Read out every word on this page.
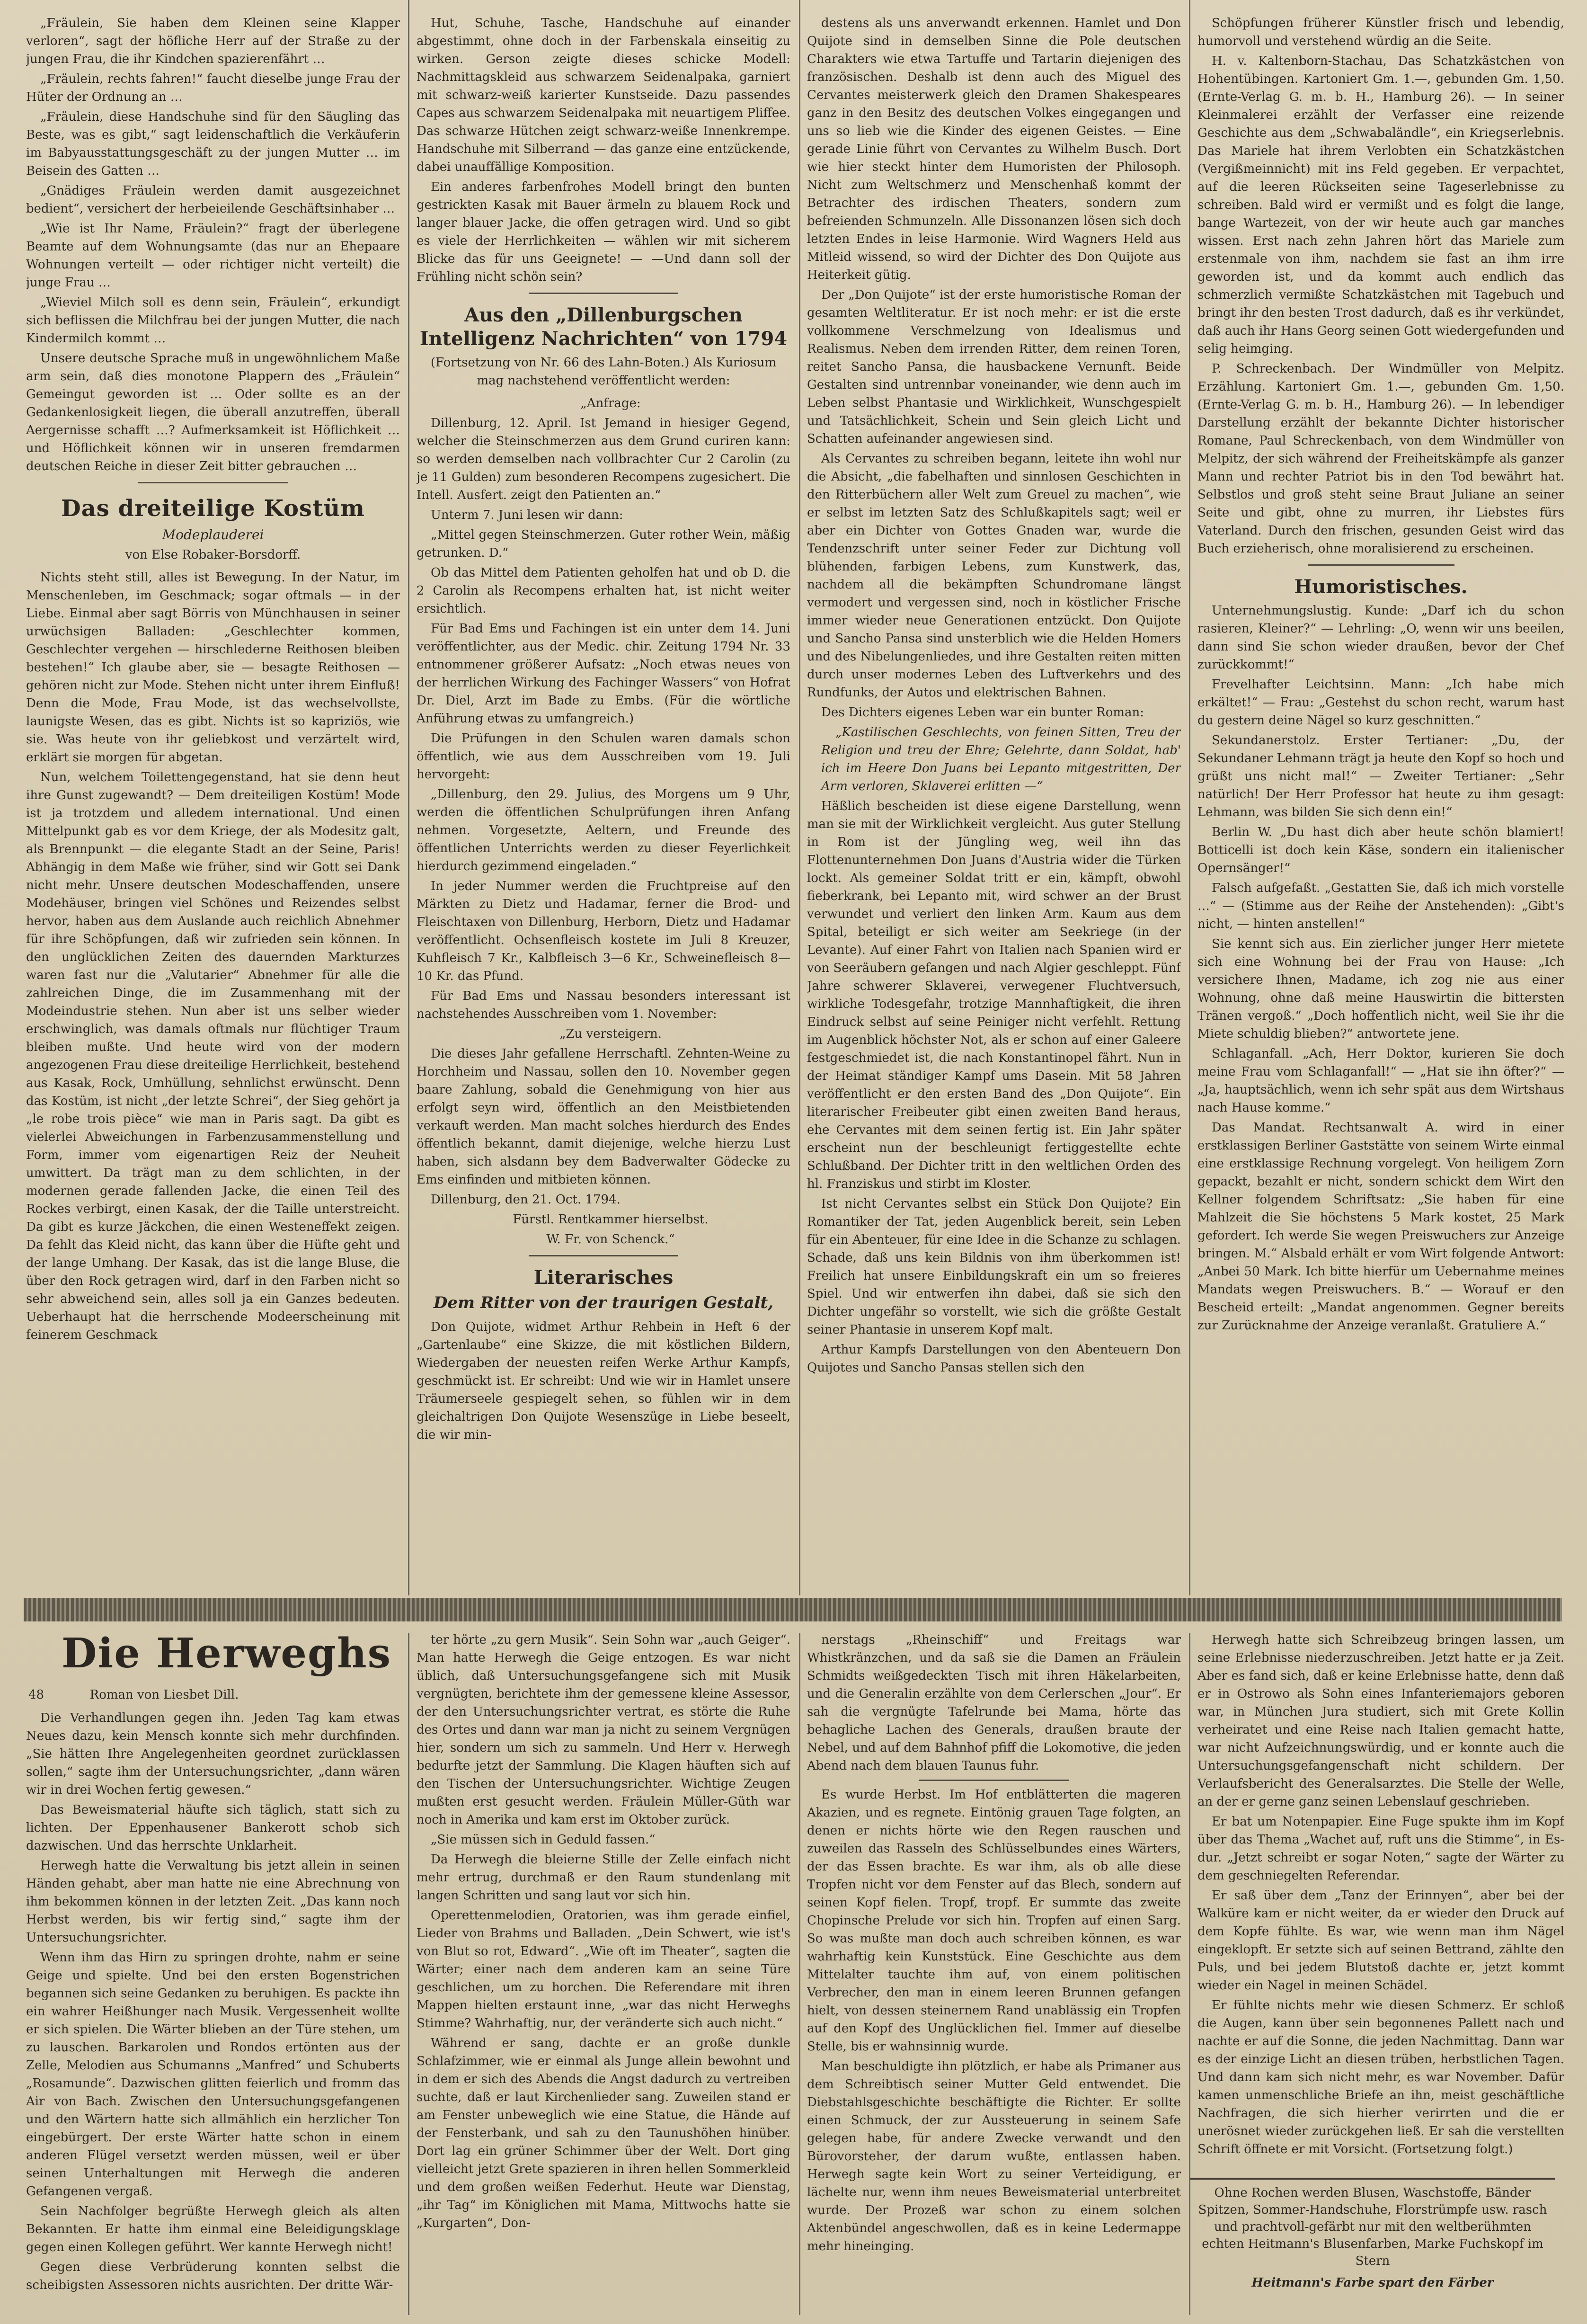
„Fräulein, Sie haben dem Kleinen seine Klapper verloren“, sagt der höfliche Herr auf der Straße zu der jungen Frau, die ihr Kindchen spazierenfährt …

„Fräulein, rechts fahren!“ faucht dieselbe junge Frau der Hüter der Ordnung an …

„Fräulein, diese Handschuhe sind für den Säugling das Beste, was es gibt,“ sagt leidenschaftlich die Verkäuferin im Babyausstattungsgeschäft zu der jungen Mutter … im Beisein des Gatten …

„Gnädiges Fräulein werden damit ausgezeichnet bedient“, versichert der herbeieilende Geschäftsinhaber …

„Wie ist Ihr Name, Fräulein?“ fragt der überlegene Beamte auf dem Wohnungsamte (das nur an Ehepaare Wohnungen verteilt — oder richtiger nicht verteilt) die junge Frau …

„Wieviel Milch soll es denn sein, Fräulein“, erkundigt sich beflissen die Milchfrau bei der jungen Mutter, die nach Kindermilch kommt …

Unsere deutsche Sprache muß in ungewöhnlichem Maße arm sein, daß dies monotone Plappern des „Fräulein“ Gemeingut geworden ist … Oder sollte es an der Gedankenlosigkeit liegen, die überall anzutreffen, überall Aergernisse schafft …? Aufmerksamkeit ist Höflichkeit … und Höflichkeit können wir in unseren fremdarmen deutschen Reiche in dieser Zeit bitter gebrauchen …

Das dreiteilige Kostüm
Modeplauderei
von Else Robaker-Borsdorff.

Nichts steht still, alles ist Bewegung. In der Natur, im Menschenleben, im Geschmack; sogar oftmals — in der Liebe. Einmal aber sagt Börris von Münchhausen in seiner urwüchsigen Balladen: „Geschlechter kommen, Geschlechter vergehen — hirschlederne Reithosen bleiben bestehen!“ Ich glaube aber, sie — besagte Reithosen — gehören nicht zur Mode. Stehen nicht unter ihrem Einfluß! Denn die Mode, Frau Mode, ist das wechselvollste, launigste Wesen, das es gibt. Nichts ist so kapriziös, wie sie. Was heute von ihr geliebkost und verzärtelt wird, erklärt sie morgen für abgetan.

Nun, welchem Toilettengegenstand, hat sie denn heut ihre Gunst zugewandt? — Dem dreiteiligen Kostüm! Mode ist ja trotzdem und alledem international. Und einen Mittelpunkt gab es vor dem Kriege, der als Modesitz galt, als Brennpunkt — die elegante Stadt an der Seine, Paris! Abhängig in dem Maße wie früher, sind wir Gott sei Dank nicht mehr. Unsere deutschen Modeschaffenden, unsere Modehäuser, bringen viel Schönes und Reizendes selbst hervor, haben aus dem Auslande auch reichlich Abnehmer für ihre Schöpfungen, daß wir zufrieden sein können. In den unglücklichen Zeiten des dauernden Markturzes waren fast nur die „Valutarier“ Abnehmer für alle die zahlreichen Dinge, die im Zusammenhang mit der Modeindustrie stehen. Nun aber ist uns selber wieder erschwinglich, was damals oftmals nur flüchtiger Traum bleiben mußte. Und heute wird von der modern angezogenen Frau diese dreiteilige Herrlichkeit, bestehend aus Kasak, Rock, Umhüllung, sehnlichst erwünscht. Denn das Kostüm, ist nicht „der letzte Schrei“, der Sieg gehört ja „le robe trois pièce“ wie man in Paris sagt. Da gibt es vielerlei Abweichungen in Farbenzusammenstellung und Form, immer vom eigenartigen Reiz der Neuheit umwittert. Da trägt man zu dem schlichten, in der modernen gerade fallenden Jacke, die einen Teil des Rockes verbirgt, einen Kasak, der die Taille unterstreicht. Da gibt es kurze Jäckchen, die einen Westeneffekt zeigen. Da fehlt das Kleid nicht, das kann über die Hüfte geht und der lange Umhang. Der Kasak, das ist die lange Bluse, die über den Rock getragen wird, darf in den Farben nicht so sehr abweichend sein, alles soll ja ein Ganzes bedeuten. Ueberhaupt hat die herrschende Modeerscheinung mit feinerem Geschmack

Hut, Schuhe, Tasche, Handschuhe auf einander abgestimmt, ohne doch in der Farbenskala einseitig zu wirken. Gerson zeigte dieses schicke Modell: Nachmittagskleid aus schwarzem Seidenalpaka, garniert mit schwarz-weiß karierter Kunstseide. Dazu passendes Capes aus schwarzem Seidenalpaka mit neuartigem Pliffee. Das schwarze Hütchen zeigt schwarz-weiße Innenkrempe. Handschuhe mit Silberrand — das ganze eine entzückende, dabei unauffällige Komposition.

Ein anderes farbenfrohes Modell bringt den bunten gestrickten Kasak mit Bauer ärmeln zu blauem Rock und langer blauer Jacke, die offen getragen wird. Und so gibt es viele der Herrlichkeiten — wählen wir mit sicherem Blicke das für uns Geeignete! — —Und dann soll der Frühling nicht schön sein?

Aus den „Dillenburgschen Intelligenz Nachrichten“ von 1794
(Fortsetzung von Nr. 66 des Lahn-Boten.) Als Kuriosum mag nachstehend veröffentlicht werden:

„Anfrage:

Dillenburg, 12. April. Ist Jemand in hiesiger Gegend, welcher die Steinschmerzen aus dem Grund curiren kann: so werden demselben nach vollbrachter Cur 2 Carolin (zu je 11 Gulden) zum besonderen Recompens zugesichert. Die Intell. Ausfert. zeigt den Patienten an.“

Unterm 7. Juni lesen wir dann:

„Mittel gegen Steinschmerzen. Guter rother Wein, mäßig getrunken. D.“

Ob das Mittel dem Patienten geholfen hat und ob D. die 2 Carolin als Recompens erhalten hat, ist nicht weiter ersichtlich.

Für Bad Ems und Fachingen ist ein unter dem 14. Juni veröffentlichter, aus der Medic. chir. Zeitung 1794 Nr. 33 entnommener größerer Aufsatz: „Noch etwas neues von der herrlichen Wirkung des Fachinger Wassers“ von Hofrat Dr. Diel, Arzt im Bade zu Embs. (Für die wörtliche Anführung etwas zu umfangreich.)

Die Prüfungen in den Schulen waren damals schon öffentlich, wie aus dem Ausschreiben vom 19. Juli hervorgeht:

„Dillenburg, den 29. Julius, des Morgens um 9 Uhr, werden die öffentlichen Schulprüfungen ihren Anfang nehmen. Vorgesetzte, Aeltern, und Freunde des öffentlichen Unterrichts werden zu dieser Feyerlichkeit hierdurch gezimmend eingeladen.“

In jeder Nummer werden die Fruchtpreise auf den Märkten zu Dietz und Hadamar, ferner die Brod- und Fleischtaxen von Dillenburg, Herborn, Dietz und Hadamar veröffentlicht. Ochsenfleisch kostete im Juli 8 Kreuzer, Kuhfleisch 7 Kr., Kalbfleisch 3—6 Kr., Schweinefleisch 8—10 Kr. das Pfund.

Für Bad Ems und Nassau besonders interessant ist nachstehendes Ausschreiben vom 1. November:

„Zu versteigern.

Die dieses Jahr gefallene Herrschaftl. Zehnten-Weine zu Horchheim und Nassau, sollen den 10. November gegen baare Zahlung, sobald die Genehmigung von hier aus erfolgt seyn wird, öffentlich an den Meistbietenden verkauft werden. Man macht solches hierdurch des Endes öffentlich bekannt, damit diejenige, welche hierzu Lust haben, sich alsdann bey dem Badverwalter Gödecke zu Ems einfinden und mitbieten können.

Dillenburg, den 21. Oct. 1794.

Fürstl. Rentkammer hierselbst.

W. Fr. von Schenck.“

Literarisches
Dem Ritter von der traurigen Gestalt,

Don Quijote, widmet Arthur Rehbein in Heft 6 der „Gartenlaube“ eine Skizze, die mit köstlichen Bildern, Wiedergaben der neuesten reifen Werke Arthur Kampfs, geschmückt ist. Er schreibt: Und wie wir in Hamlet unsere Träumerseele gespiegelt sehen, so fühlen wir in dem gleichaltrigen Don Quijote Wesenszüge in Liebe beseelt, die wir min-

destens als uns anverwandt erkennen. Hamlet und Don Quijote sind in demselben Sinne die Pole deutschen Charakters wie etwa Tartuffe und Tartarin diejenigen des französischen. Deshalb ist denn auch des Miguel des Cervantes meisterwerk gleich den Dramen Shakespeares ganz in den Besitz des deutschen Volkes eingegangen und uns so lieb wie die Kinder des eigenen Geistes. — Eine gerade Linie führt von Cervantes zu Wilhelm Busch. Dort wie hier steckt hinter dem Humoristen der Philosoph. Nicht zum Weltschmerz und Menschenhaß kommt der Betrachter des irdischen Theaters, sondern zum befreienden Schmunzeln. Alle Dissonanzen lösen sich doch letzten Endes in leise Harmonie. Wird Wagners Held aus Mitleid wissend, so wird der Dichter des Don Quijote aus Heiterkeit gütig.

Der „Don Quijote“ ist der erste humoristische Roman der gesamten Weltliteratur. Er ist noch mehr: er ist die erste vollkommene Verschmelzung von Idealismus und Realismus. Neben dem irrenden Ritter, dem reinen Toren, reitet Sancho Pansa, die hausbackene Vernunft. Beide Gestalten sind untrennbar voneinander, wie denn auch im Leben selbst Phantasie und Wirklichkeit, Wunschgespielt und Tatsächlichkeit, Schein und Sein gleich Licht und Schatten aufeinander angewiesen sind.

Als Cervantes zu schreiben begann, leitete ihn wohl nur die Absicht, „die fabelhaften und sinnlosen Geschichten in den Ritterbüchern aller Welt zum Greuel zu machen“, wie er selbst im letzten Satz des Schlußkapitels sagt; weil er aber ein Dichter von Gottes Gnaden war, wurde die Tendenzschrift unter seiner Feder zur Dichtung voll blühenden, farbigen Lebens, zum Kunstwerk, das, nachdem all die bekämpften Schundromane längst vermodert und vergessen sind, noch in köstlicher Frische immer wieder neue Generationen entzückt. Don Quijote und Sancho Pansa sind unsterblich wie die Helden Homers und des Nibelungenliedes, und ihre Gestalten reiten mitten durch unser modernes Leben des Luftverkehrs und des Rundfunks, der Autos und elektrischen Bahnen.

Des Dichters eigenes Leben war ein bunter Roman:

„Kastilischen Geschlechts, von feinen Sitten, Treu der Religion und treu der Ehre; Gelehrte, dann Soldat, hab' ich im Heere Don Juans bei Lepanto mitgestritten, Der Arm verloren, Sklaverei erlitten —“

Häßlich bescheiden ist diese eigene Darstellung, wenn man sie mit der Wirklichkeit vergleicht. Aus guter Stellung in Rom ist der Jüngling weg, weil ihn das Flottenunternehmen Don Juans d'Austria wider die Türken lockt. Als gemeiner Soldat tritt er ein, kämpft, obwohl fieberkrank, bei Lepanto mit, wird schwer an der Brust verwundet und verliert den linken Arm. Kaum aus dem Spital, beteiligt er sich weiter am Seekriege (in der Levante). Auf einer Fahrt von Italien nach Spanien wird er von Seeräubern gefangen und nach Algier geschleppt. Fünf Jahre schwerer Sklaverei, verwegener Fluchtversuch, wirkliche Todesgefahr, trotzige Mannhaftigkeit, die ihren Eindruck selbst auf seine Peiniger nicht verfehlt. Rettung im Augenblick höchster Not, als er schon auf einer Galeere festgeschmiedet ist, die nach Konstantinopel fährt. Nun in der Heimat ständiger Kampf ums Dasein. Mit 58 Jahren veröffentlicht er den ersten Band des „Don Quijote“. Ein literarischer Freibeuter gibt einen zweiten Band heraus, ehe Cervantes mit dem seinen fertig ist. Ein Jahr später erscheint nun der beschleunigt fertiggestellte echte Schlußband. Der Dichter tritt in den weltlichen Orden des hl. Franziskus und stirbt im Kloster.

Ist nicht Cervantes selbst ein Stück Don Quijote? Ein Romantiker der Tat, jeden Augenblick bereit, sein Leben für ein Abenteuer, für eine Idee in die Schanze zu schlagen. Schade, daß uns kein Bildnis von ihm überkommen ist! Freilich hat unsere Einbildungskraft ein um so freieres Spiel. Und wir entwerfen ihn dabei, daß sie sich den Dichter ungefähr so vorstellt, wie sich die größte Gestalt seiner Phantasie in unserem Kopf malt.

Arthur Kampfs Darstellungen von den Abenteuern Don Quijotes und Sancho Pansas stellen sich den

Schöpfungen früherer Künstler frisch und lebendig, humorvoll und verstehend würdig an die Seite.

H. v. Kaltenborn-Stachau, Das Schatzkästchen von Hohentübingen. Kartoniert Gm. 1.—, gebunden Gm. 1,50. (Ernte-Verlag G. m. b. H., Hamburg 26). — In seiner Kleinmalerei erzählt der Verfasser eine reizende Geschichte aus dem „Schwabaländle“, ein Kriegserlebnis. Das Mariele hat ihrem Verlobten ein Schatzkästchen (Vergißmeinnicht) mit ins Feld gegeben. Er verpachtet, auf die leeren Rückseiten seine Tageserlebnisse zu schreiben. Bald wird er vermißt und es folgt die lange, bange Wartezeit, von der wir heute auch gar manches wissen. Erst nach zehn Jahren hört das Mariele zum erstenmale von ihm, nachdem sie fast an ihm irre geworden ist, und da kommt auch endlich das schmerzlich vermißte Schatzkästchen mit Tagebuch und bringt ihr den besten Trost dadurch, daß es ihr verkündet, daß auch ihr Hans Georg seinen Gott wiedergefunden und selig heimging.

P. Schreckenbach. Der Windmüller von Melpitz. Erzählung. Kartoniert Gm. 1.—, gebunden Gm. 1,50. (Ernte-Verlag G. m. b. H., Hamburg 26). — In lebendiger Darstellung erzählt der bekannte Dichter historischer Romane, Paul Schreckenbach, von dem Windmüller von Melpitz, der sich während der Freiheitskämpfe als ganzer Mann und rechter Patriot bis in den Tod bewährt hat. Selbstlos und groß steht seine Braut Juliane an seiner Seite und gibt, ohne zu murren, ihr Liebstes fürs Vaterland. Durch den frischen, gesunden Geist wird das Buch erzieherisch, ohne moralisierend zu erscheinen.

Humoristisches.

Unternehmungslustig. Kunde: „Darf ich du schon rasieren, Kleiner?“ — Lehrling: „O, wenn wir uns beeilen, dann sind Sie schon wieder draußen, bevor der Chef zurückkommt!“

Frevelhafter Leichtsinn. Mann: „Ich habe mich erkältet!“ — Frau: „Gestehst du schon recht, warum hast du gestern deine Nägel so kurz geschnitten.“

Sekundanerstolz. Erster Tertianer: „Du, der Sekundaner Lehmann trägt ja heute den Kopf so hoch und grüßt uns nicht mal!“ — Zweiter Tertianer: „Sehr natürlich! Der Herr Professor hat heute zu ihm gesagt: Lehmann, was bilden Sie sich denn ein!“

Berlin W. „Du hast dich aber heute schön blamiert! Botticelli ist doch kein Käse, sondern ein italienischer Opernsänger!“

Falsch aufgefaßt. „Gestatten Sie, daß ich mich vorstelle …“ — (Stimme aus der Reihe der Anstehenden): „Gibt's nicht, — hinten anstellen!“

Sie kennt sich aus. Ein zierlicher junger Herr mietete sich eine Wohnung bei der Frau von Hause: „Ich versichere Ihnen, Madame, ich zog nie aus einer Wohnung, ohne daß meine Hauswirtin die bittersten Tränen vergoß.“ „Doch hoffentlich nicht, weil Sie ihr die Miete schuldig blieben?“ antwortete jene.

Schlaganfall. „Ach, Herr Doktor, kurieren Sie doch meine Frau vom Schlaganfall!“ — „Hat sie ihn öfter?“ — „Ja, hauptsächlich, wenn ich sehr spät aus dem Wirtshaus nach Hause komme.“

Das Mandat. Rechtsanwalt A. wird in einer erstklassigen Berliner Gaststätte von seinem Wirte einmal eine erstklassige Rechnung vorgelegt. Von heiligem Zorn gepackt, bezahlt er nicht, sondern schickt dem Wirt den Kellner folgendem Schriftsatz: „Sie haben für eine Mahlzeit die Sie höchstens 5 Mark kostet, 25 Mark gefordert. Ich werde Sie wegen Preiswuchers zur Anzeige bringen. M.“ Alsbald erhält er vom Wirt folgende Antwort: „Anbei 50 Mark. Ich bitte hierfür um Uebernahme meines Mandats wegen Preiswuchers. B.“ — Worauf er den Bescheid erteilt: „Mandat angenommen. Gegner bereits zur Zurücknahme der Anzeige veranlaßt. Gratuliere A.“

Die Herweghs
48	Roman von Liesbet Dill.

Die Verhandlungen gegen ihn. Jeden Tag kam etwas Neues dazu, kein Mensch konnte sich mehr durchfinden. „Sie hätten Ihre Angelegenheiten geordnet zurücklassen sollen,“ sagte ihm der Untersuchungsrichter, „dann wären wir in drei Wochen fertig gewesen.“

Das Beweismaterial häufte sich täglich, statt sich zu lichten. Der Eppenhausener Bankerott schob sich dazwischen. Und das herrschte Unklarheit.

Herwegh hatte die Verwaltung bis jetzt allein in seinen Händen gehabt, aber man hatte nie eine Abrechnung von ihm bekommen können in der letzten Zeit. „Das kann noch Herbst werden, bis wir fertig sind,“ sagte ihm der Untersuchungsrichter.

Wenn ihm das Hirn zu springen drohte, nahm er seine Geige und spielte. Und bei den ersten Bogenstrichen begannen sich seine Gedanken zu beruhigen. Es packte ihn ein wahrer Heißhunger nach Musik. Vergessenheit wollte er sich spielen. Die Wärter blieben an der Türe stehen, um zu lauschen. Barkarolen und Rondos ertönten aus der Zelle, Melodien aus Schumanns „Manfred“ und Schuberts „Rosamunde“. Dazwischen glitten feierlich und fromm das Air von Bach. Zwischen den Untersuchungsgefangenen und den Wärtern hatte sich allmählich ein herzlicher Ton eingebürgert. Der erste Wärter hatte schon in einem anderen Flügel versetzt werden müssen, weil er über seinen Unterhaltungen mit Herwegh die anderen Gefangenen vergaß.

Sein Nachfolger begrüßte Herwegh gleich als alten Bekannten. Er hatte ihm einmal eine Beleidigungsklage gegen einen Kollegen geführt. Wer kannte Herwegh nicht!

Gegen diese Verbrüderung konnten selbst die scheibigsten Assessoren nichts ausrichten. Der dritte Wär-

ter hörte „zu gern Musik“. Sein Sohn war „auch Geiger“. Man hatte Herwegh die Geige entzogen. Es war nicht üblich, daß Untersuchungsgefangene sich mit Musik vergnügten, berichtete ihm der gemessene kleine Assessor, der den Untersuchungsrichter vertrat, es störte die Ruhe des Ortes und dann war man ja nicht zu seinem Vergnügen hier, sondern um sich zu sammeln. Und Herr v. Herwegh bedurfte jetzt der Sammlung. Die Klagen häuften sich auf den Tischen der Untersuchungsrichter. Wichtige Zeugen mußten erst gesucht werden. Fräulein Müller-Güth war noch in Amerika und kam erst im Oktober zurück.

„Sie müssen sich in Geduld fassen.“

Da Herwegh die bleierne Stille der Zelle einfach nicht mehr ertrug, durchmaß er den Raum stundenlang mit langen Schritten und sang laut vor sich hin.

Operettenmelodien, Oratorien, was ihm gerade einfiel, Lieder von Brahms und Balladen. „Dein Schwert, wie ist's von Blut so rot, Edward“. „Wie oft im Theater“, sagten die Wärter; einer nach dem anderen kam an seine Türe geschlichen, um zu horchen. Die Referendare mit ihren Mappen hielten erstaunt inne, „war das nicht Herweghs Stimme? Wahrhaftig, nur, der veränderte sich auch nicht.“

Während er sang, dachte er an große dunkle Schlafzimmer, wie er einmal als Junge allein bewohnt und in dem er sich des Abends die Angst dadurch zu vertreiben suchte, daß er laut Kirchenlieder sang. Zuweilen stand er am Fenster unbeweglich wie eine Statue, die Hände auf der Fensterbank, und sah zu den Taunushöhen hinüber. Dort lag ein grüner Schimmer über der Welt. Dort ging vielleicht jetzt Grete spazieren in ihren hellen Sommerkleid und dem großen weißen Federhut. Heute war Dienstag, „ihr Tag“ im Königlichen mit Mama, Mittwochs hatte sie „Kurgarten“, Don-

nerstags „Rheinschiff“ und Freitags war Whistkränzchen, und da saß sie die Damen an Fräulein Schmidts weißgedeckten Tisch mit ihren Häkelarbeiten, und die Generalin erzählte von dem Cerlerschen „Jour“. Er sah die vergnügte Tafelrunde bei Mama, hörte das behagliche Lachen des Generals, draußen braute der Nebel, und auf dem Bahnhof pfiff die Lokomotive, die jeden Abend nach dem blauen Taunus fuhr.

Es wurde Herbst. Im Hof entblätterten die mageren Akazien, und es regnete. Eintönig grauen Tage folgten, an denen er nichts hörte wie den Regen rauschen und zuweilen das Rasseln des Schlüsselbundes eines Wärters, der das Essen brachte. Es war ihm, als ob alle diese Tropfen nicht vor dem Fenster auf das Blech, sondern auf seinen Kopf fielen. Tropf, tropf. Er summte das zweite Chopinsche Prelude vor sich hin. Tropfen auf einen Sarg. So was mußte man doch auch schreiben können, es war wahrhaftig kein Kunststück. Eine Geschichte aus dem Mittelalter tauchte ihm auf, von einem politischen Verbrecher, den man in einem leeren Brunnen gefangen hielt, von dessen steinernem Rand unablässig ein Tropfen auf den Kopf des Unglücklichen fiel. Immer auf dieselbe Stelle, bis er wahnsinnig wurde.

Man beschuldigte ihn plötzlich, er habe als Primaner aus dem Schreibtisch seiner Mutter Geld entwendet. Die Diebstahlsgeschichte beschäftigte die Richter. Er sollte einen Schmuck, der zur Aussteuerung in seinem Safe gelegen habe, für andere Zwecke verwandt und den Bürovorsteher, der darum wußte, entlassen haben. Herwegh sagte kein Wort zu seiner Verteidigung, er lächelte nur, wenn ihm neues Beweismaterial unterbreitet wurde. Der Prozeß war schon zu einem solchen Aktenbündel angeschwollen, daß es in keine Ledermappe mehr hineinging.

Herwegh hatte sich Schreibzeug bringen lassen, um seine Erlebnisse niederzuschreiben. Jetzt hatte er ja Zeit. Aber es fand sich, daß er keine Erlebnisse hatte, denn daß er in Ostrowo als Sohn eines Infanteriemajors geboren war, in München Jura studiert, sich mit Grete Kollin verheiratet und eine Reise nach Italien gemacht hatte, war nicht Aufzeichnungswürdig, und er konnte auch die Untersuchungsgefangenschaft nicht schildern. Der Verlaufsbericht des Generalsarztes. Die Stelle der Welle, an der er gerne ganz seinen Lebenslauf geschrieben.

Er bat um Notenpapier. Eine Fuge spukte ihm im Kopf über das Thema „Wachet auf, ruft uns die Stimme“, in Es-dur. „Jetzt schreibt er sogar Noten,“ sagte der Wärter zu dem geschniegelten Referendar.

Er saß über dem „Tanz der Erinnyen“, aber bei der Walküre kam er nicht weiter, da er wieder den Druck auf dem Kopfe fühlte. Es war, wie wenn man ihm Nägel eingeklopft. Er setzte sich auf seinen Bettrand, zählte den Puls, und bei jedem Blutstoß dachte er, jetzt kommt wieder ein Nagel in meinen Schädel.

Er fühlte nichts mehr wie diesen Schmerz. Er schloß die Augen, kann über sein begonnenes Pallett nach und nachte er auf die Sonne, die jeden Nachmittag. Dann war es der einzige Licht an diesen trüben, herbstlichen Tagen. Und dann kam sich nicht mehr, es war November. Dafür kamen unmenschliche Briefe an ihn, meist geschäftliche Nachfragen, die sich hierher verirrten und die er unerösnet wieder zurückgehen ließ. Er sah die verstellten Schrift öffnete er mit Vorsicht. (Fortsetzung folgt.)

Ohne Rochen werden Blusen, Waschstoffe, Bänder Spitzen, Sommer-Handschuhe, Florstrümpfe usw. rasch und prachtvoll-gefärbt nur mit den weltberühmten echten Heitmann's Blusenfarben, Marke Fuchskopf im Stern
Heitmann's Farbe spart den Färber
